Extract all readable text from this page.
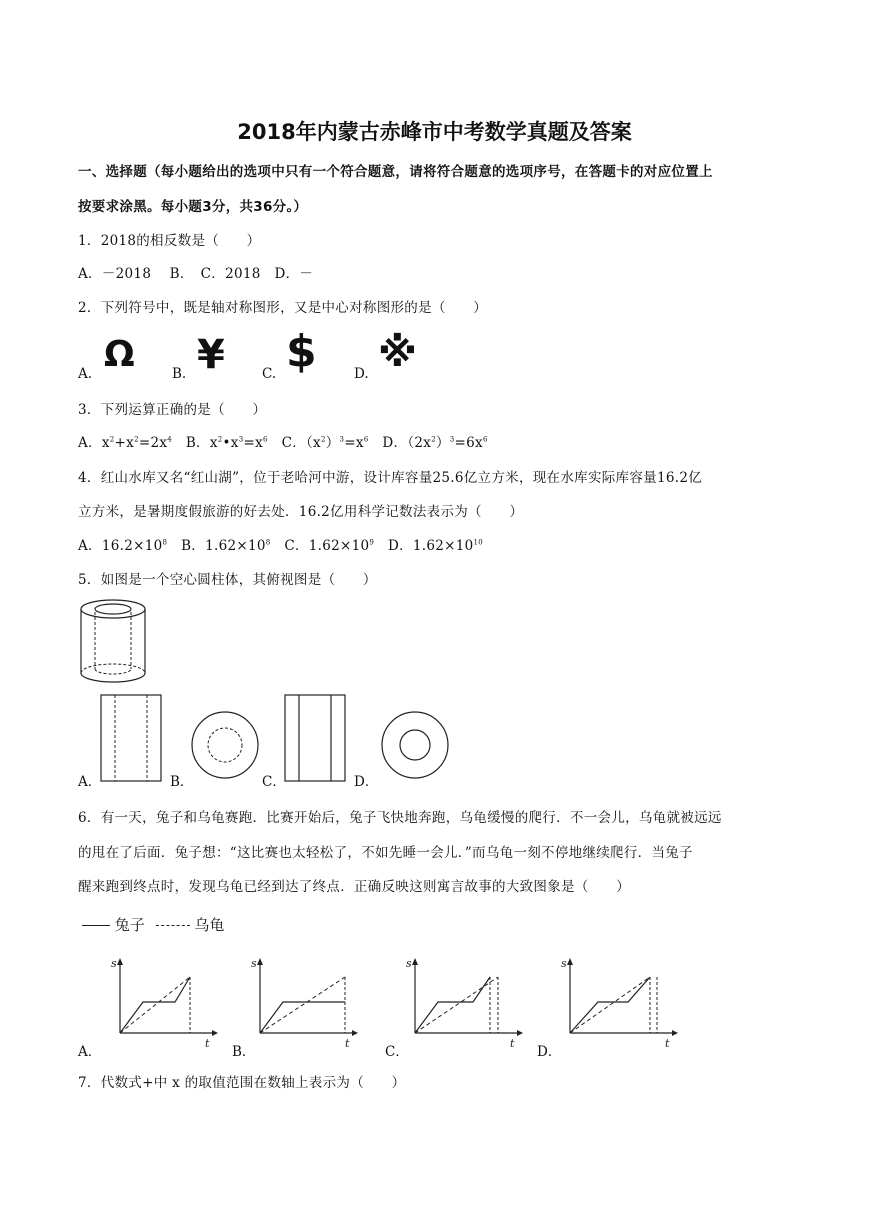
2018年内蒙古赤峰市中考数学真题及答案
一、选择题（每小题给出的选项中只有一个符合题意，请将符合题意的选项序号，在答题卡的对应位置上
按要求涂黑。每小题3分，共36分。）
1．2018的相反数是（　　）
A．－2018　 B．　C．2018　D．－
2．下列符号中，既是轴对称图形，又是中心对称图形的是（　　）
A. Ω	B. ¥	C. $	D. ※
3．下列运算正确的是（　　）
A．$x^2+x^2=2x^4$　B．$x^2•x^3=x^6$　C．$(x^2)^3=x^6$　D．$(2x^2)^3=6x^6$
4．红山水库又名“红山湖”，位于老哈河中游，设计库容量25.6亿立方米，现在水库实际库容量16.2亿
立方米，是暑期度假旅游的好去处．16.2亿用科学记数法表示为（　　）
A．$16.2\times 10^8$　B．$1.62\times 10^8$　C．$1.62\times 10^9$　D．$1.62\times 10^{10}$
5．如图是一个空心圆柱体，其俯视图是（　　）
A．	B．	C．	D．
6．有一天，兔子和乌龟赛跑．比赛开始后，兔子飞快地奔跑，乌龟缓慢的爬行．不一会儿，乌龟就被远远
的甩在了后面．兔子想：“这比赛也太轻松了，不如先睡一会儿．”而乌龟一刻不停地继续爬行．当兔子
醒来跑到终点时，发现乌龟已经到达了终点．正确反映这则寓言故事的大致图象是（　　）
兔子	乌龟
A．
s
t
B．
s
t
C．
s
t
D．
s
t
7．代数式+中 x 的取值范围在数轴上表示为（　　）
